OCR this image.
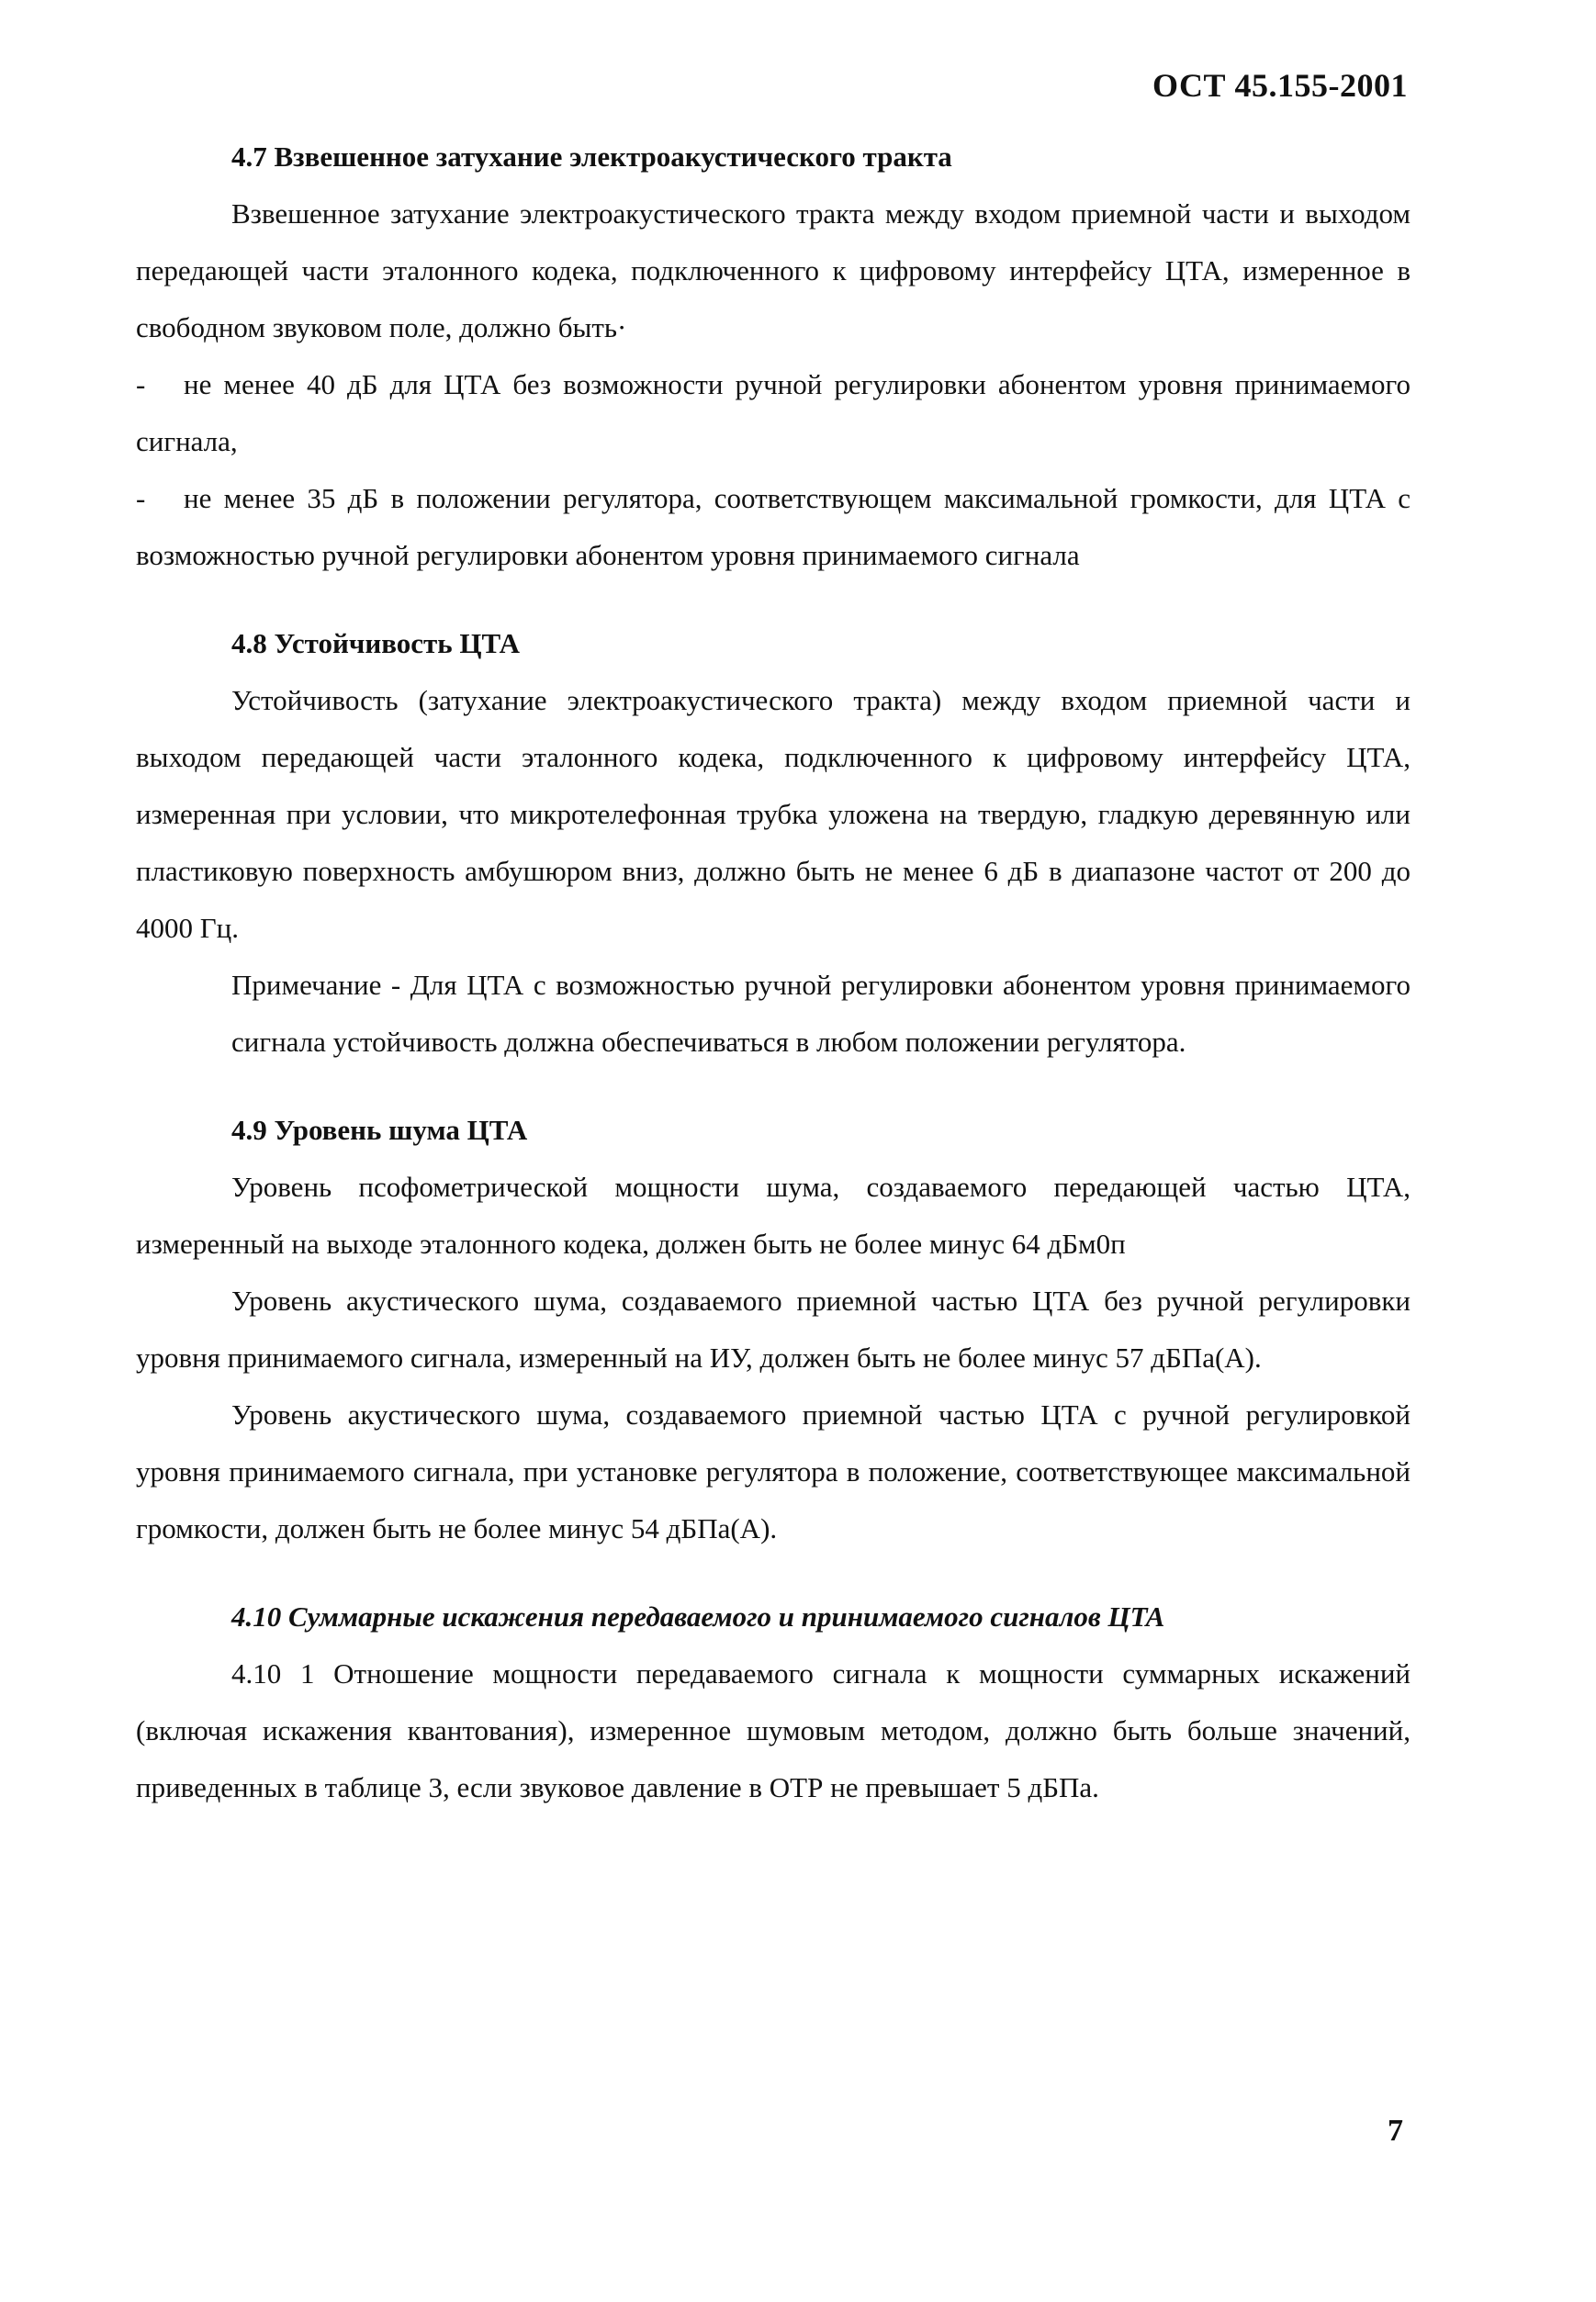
ОСТ 45.155-2001

4.7 Взвешенное затухание электроакустического тракта

Взвешенное затухание электроакустического тракта между входом приемной части и выходом передающей части эталонного кодека, подключенного к цифровому интерфейсу ЦТА, измеренное в свободном звуковом поле, должно быть·

- не менее 40 дБ для ЦТА без возможности ручной регулировки абонентом уровня принимаемого сигнала,

- не менее 35 дБ в положении регулятора, соответствующем максимальной громкости, для ЦТА с возможностью ручной регулировки абонентом уровня принимаемого сигнала

4.8 Устойчивость ЦТА

Устойчивость (затухание электроакустического тракта) между входом приемной части и выходом передающей части эталонного кодека, подключенного к цифровому интерфейсу ЦТА, измеренная при условии, что микротелефонная трубка уложена на твердую, гладкую деревянную или пластиковую поверхность амбушюром вниз, должно быть не менее 6 дБ в диапазоне частот от 200 до 4000 Гц.

Примечание - Для ЦТА с возможностью ручной регулировки абонентом уровня принимаемого сигнала устойчивость должна обеспечиваться в любом положении регулятора.

4.9 Уровень шума ЦТА

Уровень псофометрической мощности шума, создаваемого передающей частью ЦТА, измеренный на выходе эталонного кодека, должен быть не более минус 64 дБм0п

Уровень акустического шума, создаваемого приемной частью ЦТА без ручной регулировки уровня принимаемого сигнала, измеренный на ИУ, должен быть не более минус 57 дБПа(А).

Уровень акустического шума, создаваемого приемной частью ЦТА с ручной регулировкой уровня принимаемого сигнала, при установке регулятора в положение, соответствующее максимальной громкости, должен быть не более минус 54 дБПа(А).

4.10 Суммарные искажения передаваемого и принимаемого сигналов ЦТА

4.10 1 Отношение мощности передаваемого сигнала к мощности суммарных искажений (включая искажения квантования), измеренное шумовым методом, должно быть больше значений, приведенных в таблице 3, если звуковое давление в ОТР не превышает 5 дБПа.

7
